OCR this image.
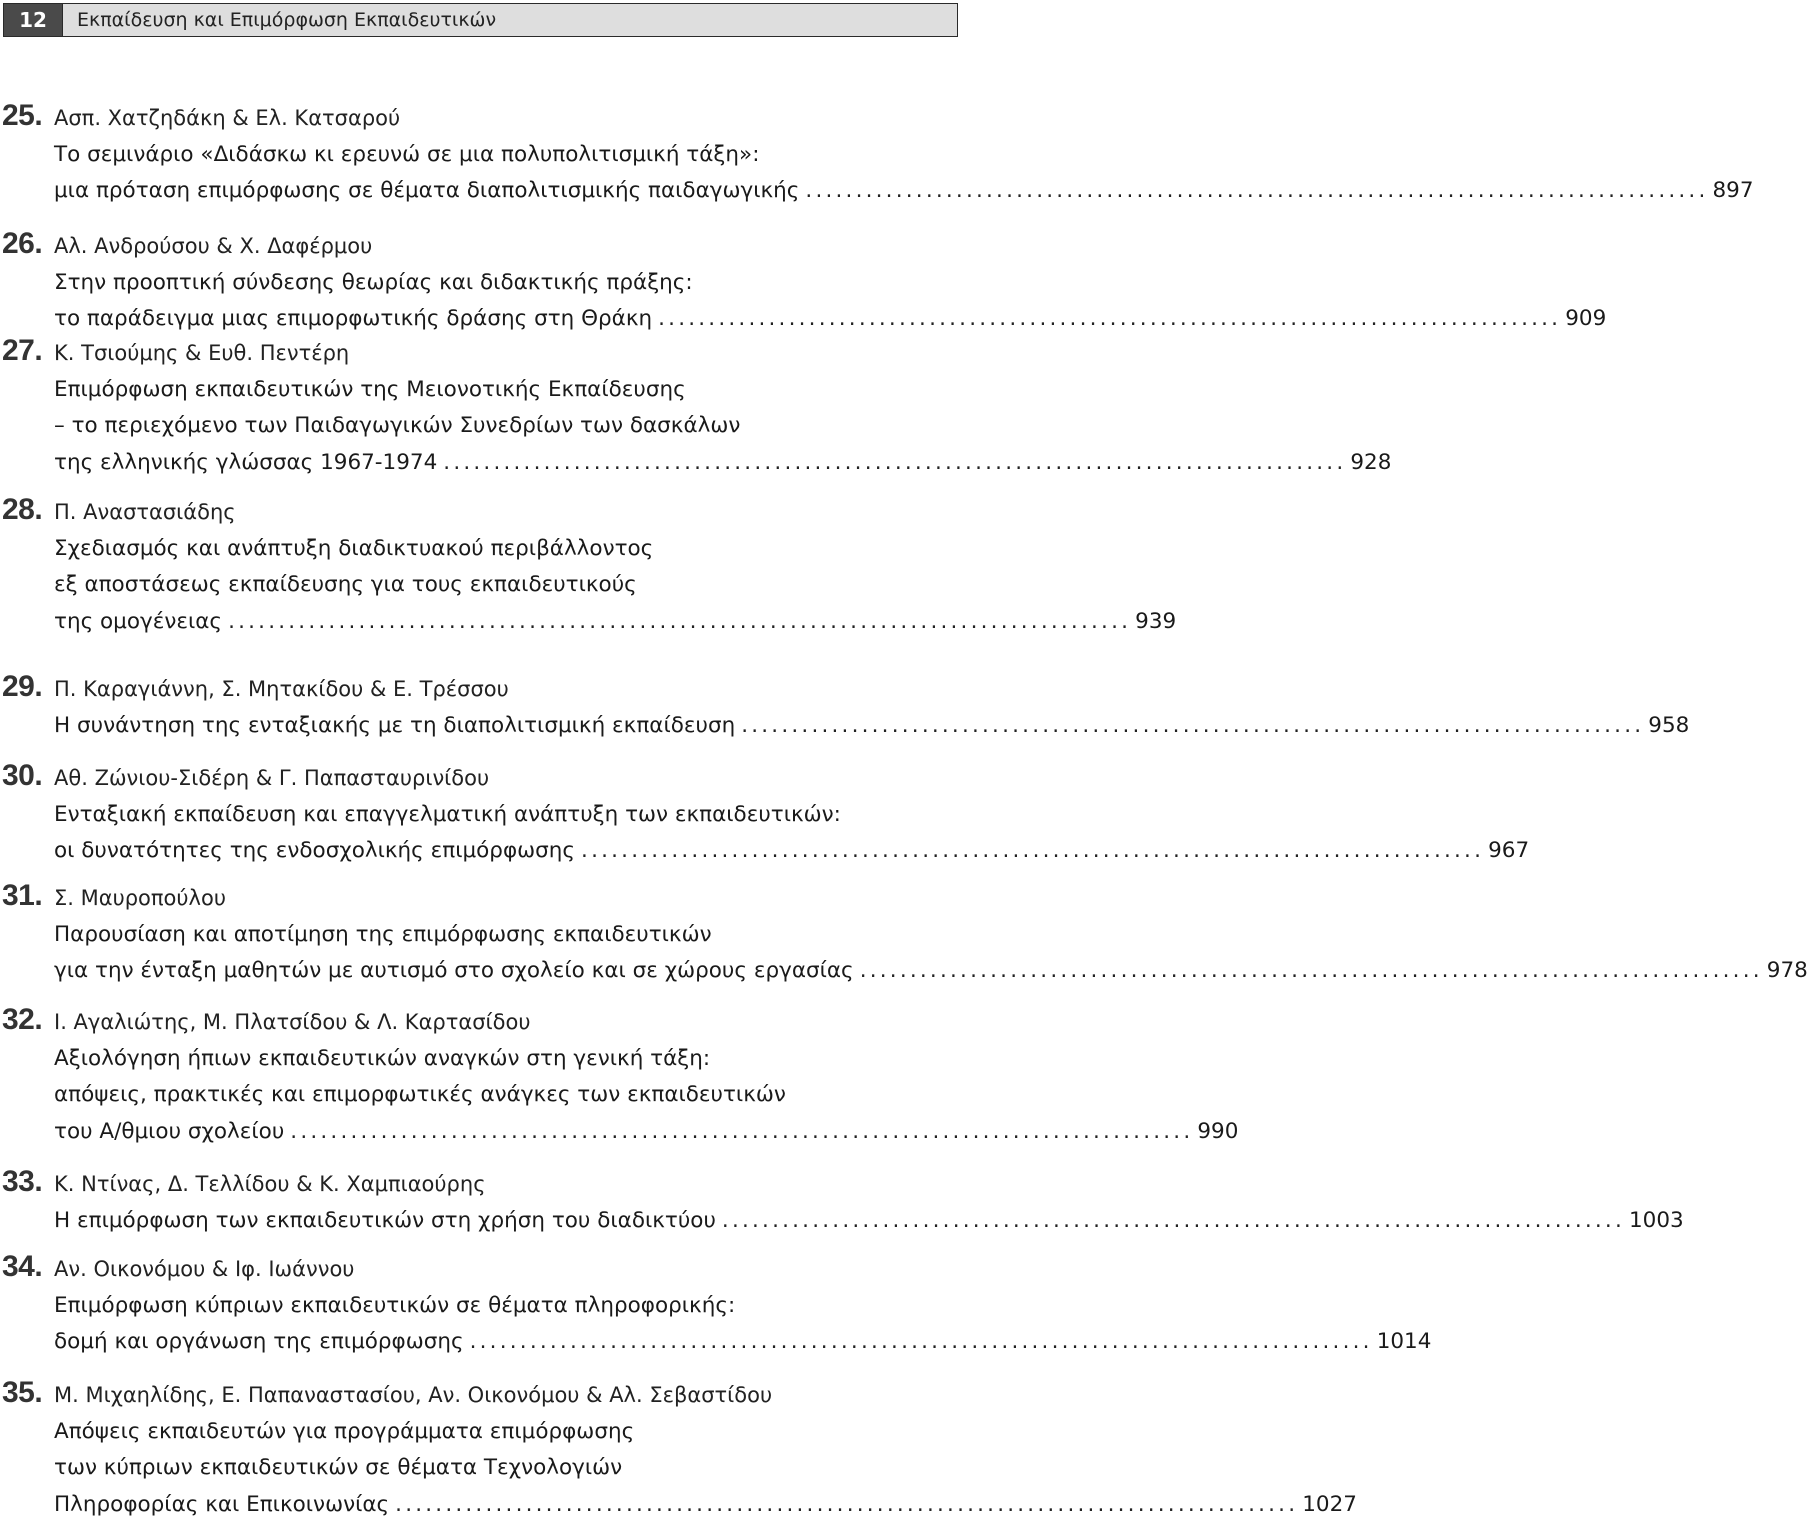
12	Εκπαίδευση και Επιμόρφωση Εκπαιδευτικών
25. Ασπ. Χατζηδάκη & Ελ. Κατσαρού
Το σεμινάριο «Διδάσκω κι ερευνώ σε μια πολυπολιτισμική τάξη»:
μια πρόταση επιμόρφωσης σε θέματα διαπολιτισμικής παιδαγωγικής .......................................................................................... 897
26. Αλ. Ανδρούσου & Χ. Δαφέρμου
Στην προοπτική σύνδεσης θεωρίας και διδακτικής πράξης:
το παράδειγμα μιας επιμορφωτικής δράσης στη Θράκη .......................................................................................... 909
27. Κ. Τσιούμης & Ευθ. Πεντέρη
Επιμόρφωση εκπαιδευτικών της Μειονοτικής Εκπαίδευσης
– το περιεχόμενο των Παιδαγωγικών Συνεδρίων των δασκάλων
της ελληνικής γλώσσας 1967-1974 .......................................................................................... 928
28. Π. Αναστασιάδης
Σχεδιασμός και ανάπτυξη διαδικτυακού περιβάλλοντος
εξ αποστάσεως εκπαίδευσης για τους εκπαιδευτικούς
της ομογένειας .......................................................................................... 939
29. Π. Καραγιάννη, Σ. Μητακίδου & Ε. Τρέσσου
Η συνάντηση της ενταξιακής με τη διαπολιτισμική εκπαίδευση .......................................................................................... 958
30. Αθ. Ζώνιου-Σιδέρη & Γ. Παπασταυρινίδου
Ενταξιακή εκπαίδευση και επαγγελματική ανάπτυξη των εκπαιδευτικών:
οι δυνατότητες της ενδοσχολικής επιμόρφωσης .......................................................................................... 967
31. Σ. Μαυροπούλου
Παρουσίαση και αποτίμηση της επιμόρφωσης εκπαιδευτικών
για την ένταξη μαθητών με αυτισμό στο σχολείο και σε χώρους εργασίας .......................................................................................... 978
32. Ι. Αγαλιώτης, Μ. Πλατσίδου & Λ. Καρτασίδου
Αξιολόγηση ήπιων εκπαιδευτικών αναγκών στη γενική τάξη:
απόψεις, πρακτικές και επιμορφωτικές ανάγκες των εκπαιδευτικών
του Α/θμιου σχολείου .......................................................................................... 990
33. Κ. Ντίνας, Δ. Τελλίδου & Κ. Χαμπιαούρης
Η επιμόρφωση των εκπαιδευτικών στη χρήση του διαδικτύου .......................................................................................... 1003
34. Αν. Οικονόμου & Ιφ. Ιωάννου
Επιμόρφωση κύπριων εκπαιδευτικών σε θέματα πληροφορικής:
δομή και οργάνωση της επιμόρφωσης .......................................................................................... 1014
35. Μ. Μιχαηλίδης, Ε. Παπαναστασίου, Αν. Οικονόμου & Αλ. Σεβαστίδου
Απόψεις εκπαιδευτών για προγράμματα επιμόρφωσης
των κύπριων εκπαιδευτικών σε θέματα Τεχνολογιών
Πληροφορίας και Επικοινωνίας .......................................................................................... 1027
